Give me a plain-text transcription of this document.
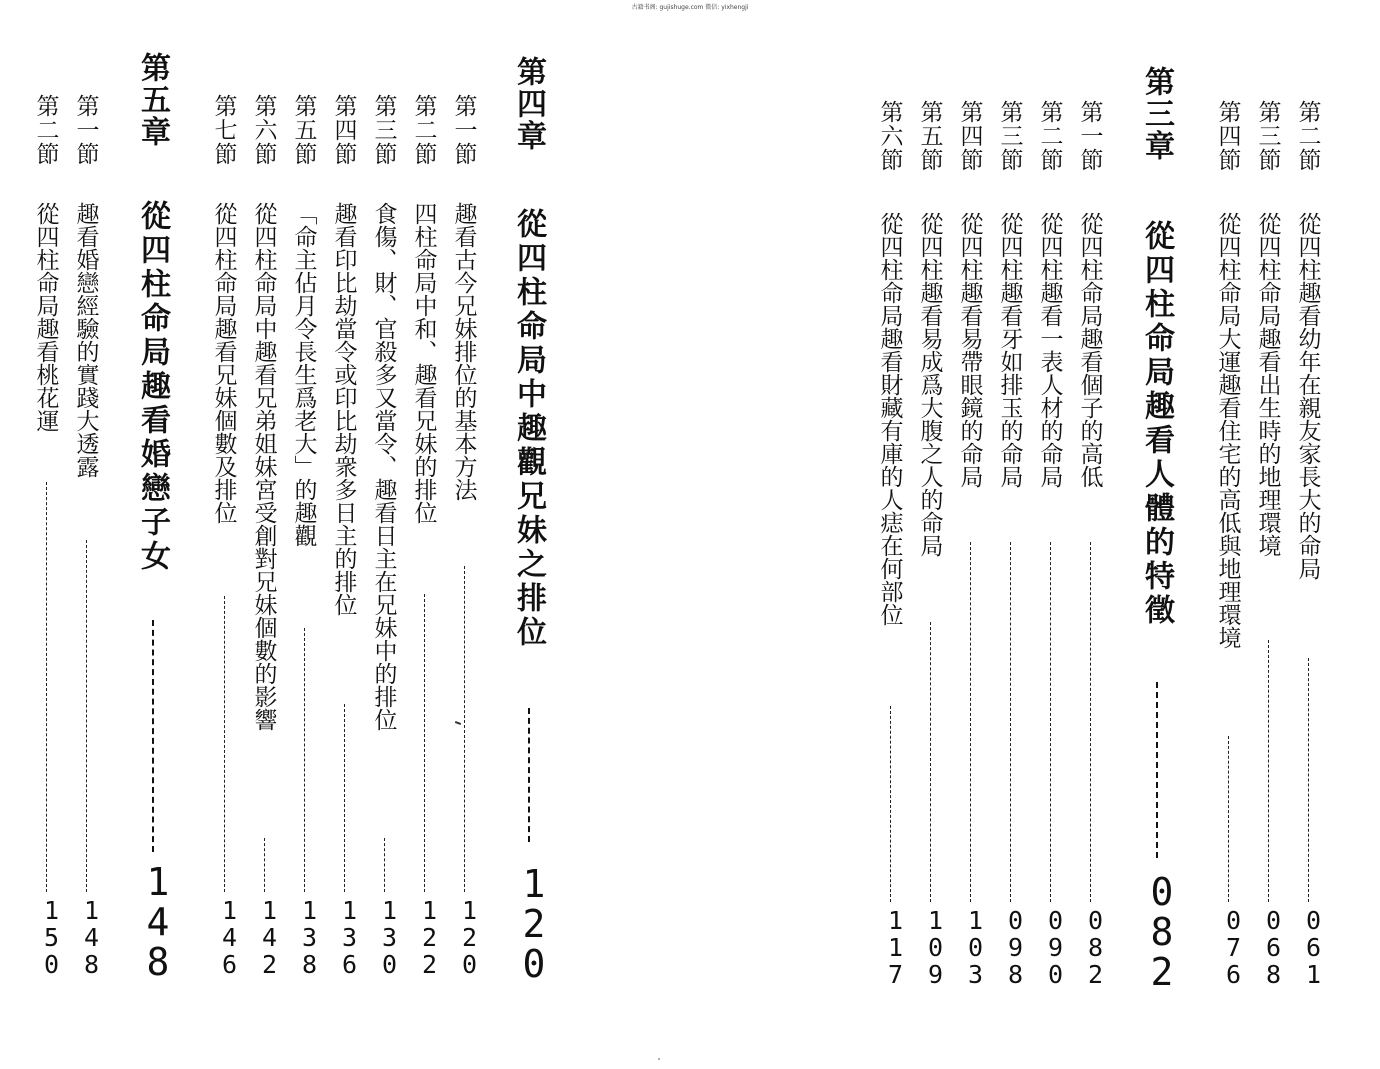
古籍书阁: gujishuge.com 微信: yixhengji
第二節
從四柱趣看幼年在親友家長大的命局
061
第三節
從四柱命局趣看出生時的地理環境
068
第四節
從四柱命局大運趣看住宅的高低與地理環境
076
第三章
從四柱命局趣看人體的特徵
082
第一節
從四柱命局趣看個子的高低
082
第二節
從四柱趣看一表人材的命局
090
第三節
從四柱趣看牙如排玉的命局
098
第四節
從四柱趣看易帶眼鏡的命局
103
第五節
從四柱趣看易成爲大腹之人的命局
109
第六節
從四柱命局趣看財藏有庫的人痣在何部位
117
第四章
從四柱命局中趣觀兄妹之排位
120
第一節
趣看古今兄妹排位的基本方法
120
第二節
四柱命局中和、趣看兄妹的排位
122
第三節
食傷、財、官殺多又當令、趣看日主在兄妹中的排位
130
第四節
趣看印比劫當令或印比劫衆多日主的排位
136
第五節
「命主佔月令長生爲老大」的趣觀
138
第六節
從四柱命局中趣看兄弟姐妹宮受創對兄妹個數的影響
142
第七節
從四柱命局趣看兄妹個數及排位
146
第五章
從四柱命局趣看婚戀子女
148
第一節
趣看婚戀經驗的實踐大透露
148
第二節
從四柱命局趣看桃花運
150
